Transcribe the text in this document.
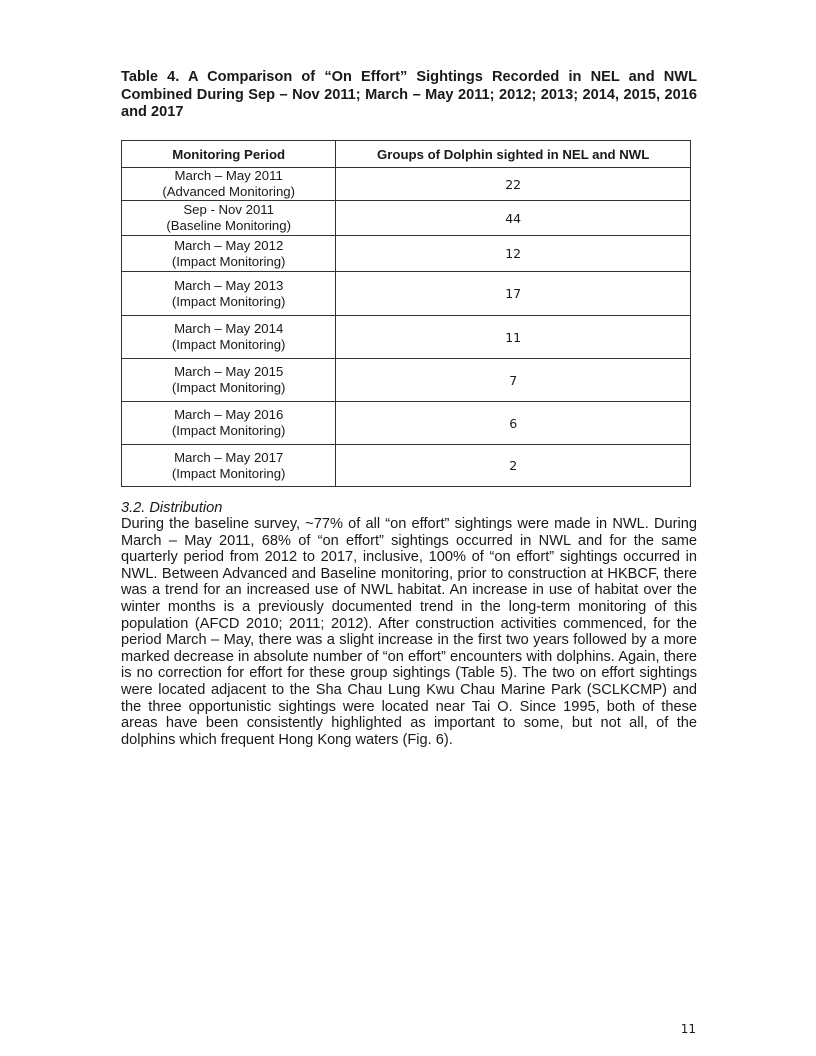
Table 4. A Comparison of “On Effort” Sightings Recorded in NEL and NWL Combined During Sep – Nov 2011; March – May 2011; 2012; 2013; 2014, 2015, 2016 and 2017

Monitoring Period	Groups of Dolphin sighted in NEL and NWL
March – May 2011
(Advanced Monitoring)	22
Sep - Nov 2011
(Baseline Monitoring)	44
March – May 2012
(Impact Monitoring)	12
March – May 2013
(Impact Monitoring)	17
March – May 2014
(Impact Monitoring)	11
March – May 2015
(Impact Monitoring)	7
March – May 2016
(Impact Monitoring)	6
March – May 2017
(Impact Monitoring)	2
3.2. Distribution

During the baseline survey, ~77% of all “on effort” sightings were made in NWL. During March – May 2011, 68% of “on effort” sightings occurred in NWL and for the same quarterly period from 2012 to 2017, inclusive, 100% of “on effort” sightings occurred in NWL. Between Advanced and Baseline monitoring, prior to construction at HKBCF, there was a trend for an increased use of NWL habitat. An increase in use of habitat over the winter months is a previously documented trend in the long-term monitoring of this population (AFCD 2010; 2011; 2012). After construction activities commenced, for the period March – May, there was a slight increase in the first two years followed by a more marked decrease in absolute number of “on effort” encounters with dolphins. Again, there is no correction for effort for these group sightings (Table 5). The two on effort sightings were located adjacent to the Sha Chau Lung Kwu Chau Marine Park (SCLKCMP) and the three opportunistic sightings were located near Tai O. Since 1995, both of these areas have been consistently highlighted as important to some, but not all, of the dolphins which frequent Hong Kong waters (Fig. 6).

11
